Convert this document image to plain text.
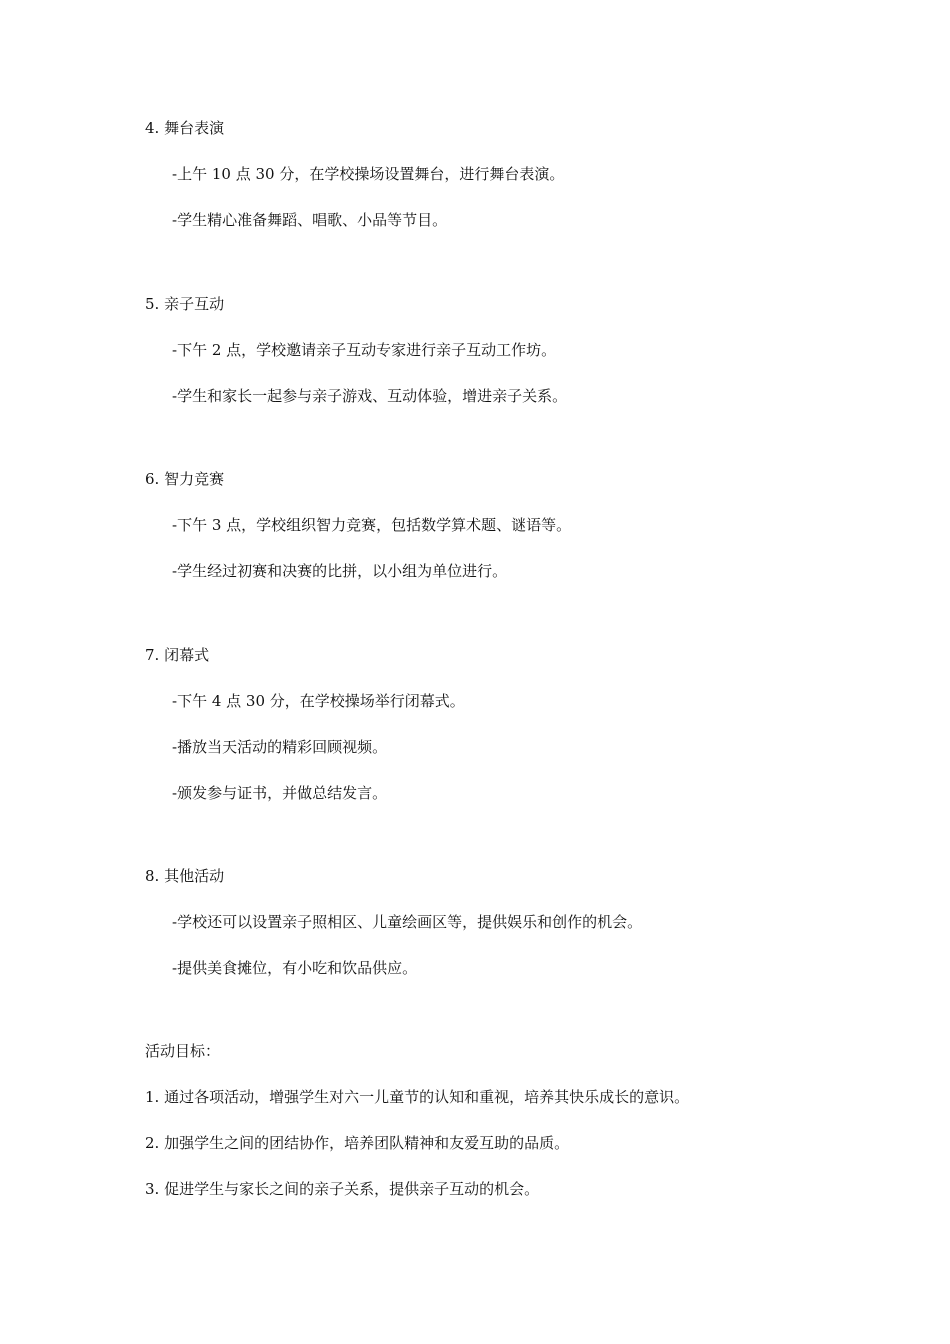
4. 舞台表演
-上午 10 点 30 分，在学校操场设置舞台，进行舞台表演。
-学生精心准备舞蹈、唱歌、小品等节目。
5. 亲子互动
-下午 2 点，学校邀请亲子互动专家进行亲子互动工作坊。
-学生和家长一起参与亲子游戏、互动体验，增进亲子关系。
6. 智力竞赛
-下午 3 点，学校组织智力竞赛，包括数学算术题、谜语等。
-学生经过初赛和决赛的比拼，以小组为单位进行。
7. 闭幕式
-下午 4 点 30 分，在学校操场举行闭幕式。
-播放当天活动的精彩回顾视频。
-颁发参与证书，并做总结发言。
8. 其他活动
-学校还可以设置亲子照相区、儿童绘画区等，提供娱乐和创作的机会。
-提供美食摊位，有小吃和饮品供应。
活动目标：
1. 通过各项活动，增强学生对六一儿童节的认知和重视，培养其快乐成长的意识。
2. 加强学生之间的团结协作，培养团队精神和友爱互助的品质。
3. 促进学生与家长之间的亲子关系，提供亲子互动的机会。
